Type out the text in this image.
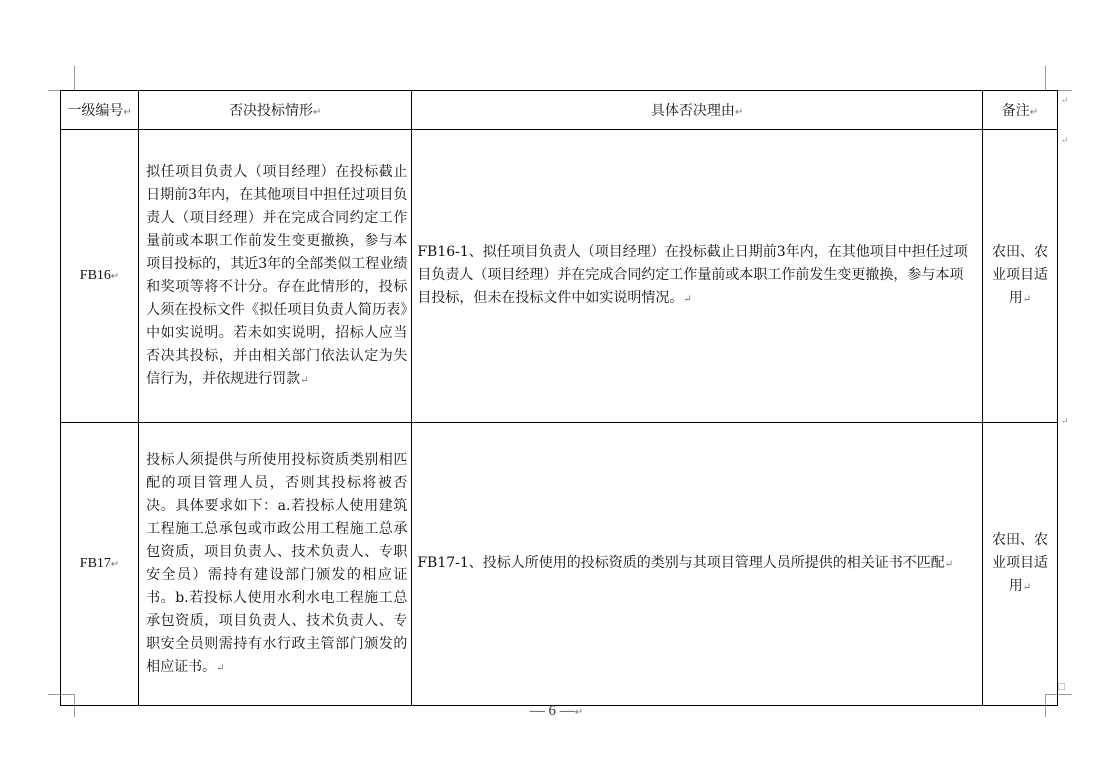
↵
↵
↵
□
一级编号↵	否决投标情形↵	具体否决理由↵	备注↵
FB16↵	拟任项目负责人（项目经理）在投标截止日期前3年内，在其他项目中担任过项目负责人（项目经理）并在完成合同约定工作量前或本职工作前发生变更撤换，参与本项目投标的，其近3年的全部类似工程业绩和奖项等将不计分。存在此情形的，投标人须在投标文件《拟任项目负责人简历表》中如实说明。若未如实说明，招标人应当否决其投标，并由相关部门依法认定为失信行为，并依规进行罚款↵	FB16-1、拟任项目负责人（项目经理）在投标截止日期前3年内，在其他项目中担任过项目负责人（项目经理）并在完成合同约定工作量前或本职工作前发生变更撤换，参与本项目投标，但未在投标文件中如实说明情况。↵	农田、农业项目适用↵
FB17↵	投标人须提供与所使用投标资质类别相匹配的项目管理人员，否则其投标将被否决。具体要求如下：a.若投标人使用建筑工程施工总承包或市政公用工程施工总承包资质，项目负责人、技术负责人、专职安全员）需持有建设部门颁发的相应证书。b.若投标人使用水利水电工程施工总承包资质，项目负责人、技术负责人、专职安全员则需持有水行政主管部门颁发的相应证书。↵	FB17-1、投标人所使用的投标资质的类别与其项目管理人员所提供的相关证书不匹配↵	农田、农业项目适用↵
— 6 —↵
